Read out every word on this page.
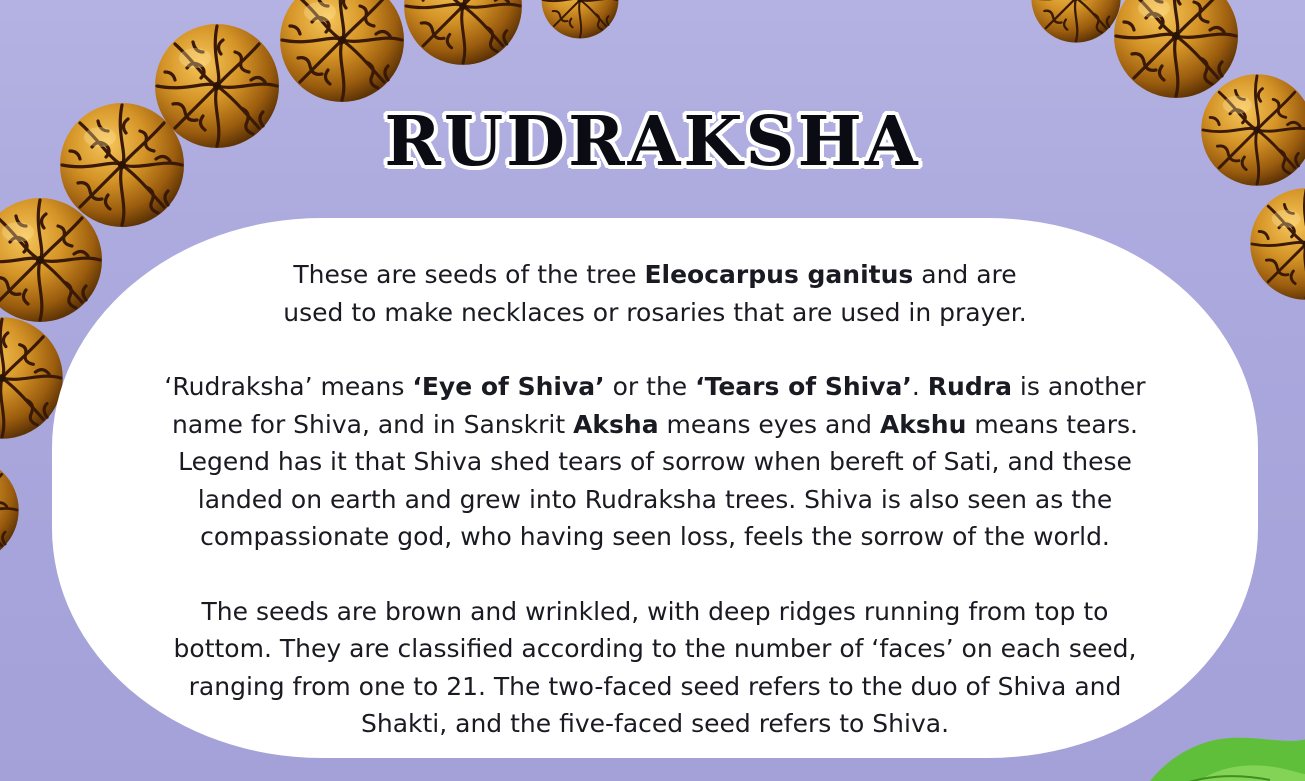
RUDRAKSHA

These are seeds of the tree Eleocarpus ganitus and are
used to make necklaces or rosaries that are used in prayer.

‘Rudraksha’ means ‘Eye of Shiva’ or the ‘Tears of Shiva’. Rudra is another
name for Shiva, and in Sanskrit Aksha means eyes and Akshu means tears.
Legend has it that Shiva shed tears of sorrow when bereft of Sati, and these
landed on earth and grew into Rudraksha trees. Shiva is also seen as the
compassionate god, who having seen loss, feels the sorrow of the world.

The seeds are brown and wrinkled, with deep ridges running from top to
bottom. They are classified according to the number of ‘faces’ on each seed,
ranging from one to 21. The two-faced seed refers to the duo of Shiva and
Shakti, and the five-faced seed refers to Shiva.
